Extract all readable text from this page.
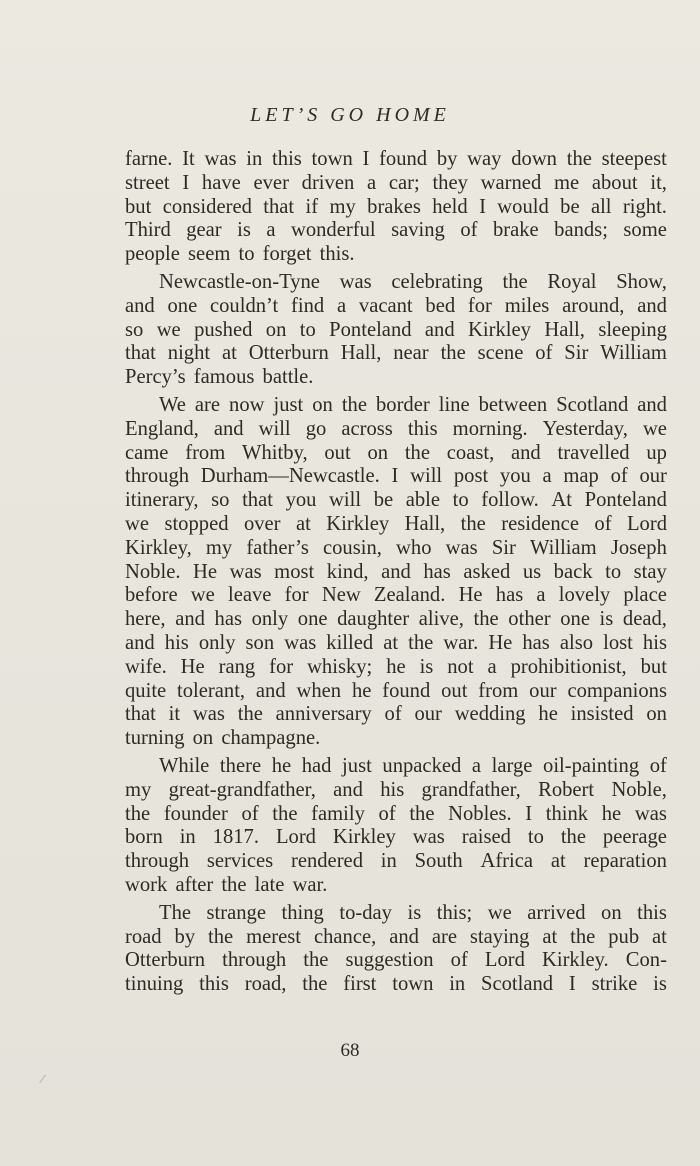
LET’S GO HOME
farne. It was in this town I found by way down the steepest
street I have ever driven a car; they warned me about it,
but considered that if my brakes held I would be all right.
Third gear is a wonderful saving of brake bands; some
people seem to forget this.
Newcastle-on-Tyne was celebrating the Royal Show,
and one couldn’t find a vacant bed for miles around, and
so we pushed on to Ponteland and Kirkley Hall, sleeping
that night at Otterburn Hall, near the scene of Sir William
Percy’s famous battle.
We are now just on the border line between Scotland and
England, and will go across this morning. Yesterday, we
came from Whitby, out on the coast, and travelled up
through Durham—Newcastle. I will post you a map of our
itinerary, so that you will be able to follow. At Ponteland
we stopped over at Kirkley Hall, the residence of Lord
Kirkley, my father’s cousin, who was Sir William Joseph
Noble. He was most kind, and has asked us back to stay
before we leave for New Zealand. He has a lovely place
here, and has only one daughter alive, the other one is dead,
and his only son was killed at the war. He has also lost his
wife. He rang for whisky; he is not a prohibitionist, but
quite tolerant, and when he found out from our companions
that it was the anniversary of our wedding he insisted on
turning on champagne.
While there he had just unpacked a large oil-painting of
my great-grandfather, and his grandfather, Robert Noble,
the founder of the family of the Nobles. I think he was
born in 1817. Lord Kirkley was raised to the peerage
through services rendered in South Africa at reparation
work after the late war.
The strange thing to-day is this; we arrived on this
road by the merest chance, and are staying at the pub at
Otterburn through the suggestion of Lord Kirkley. Con-
tinuing this road, the first town in Scotland I strike is
68
